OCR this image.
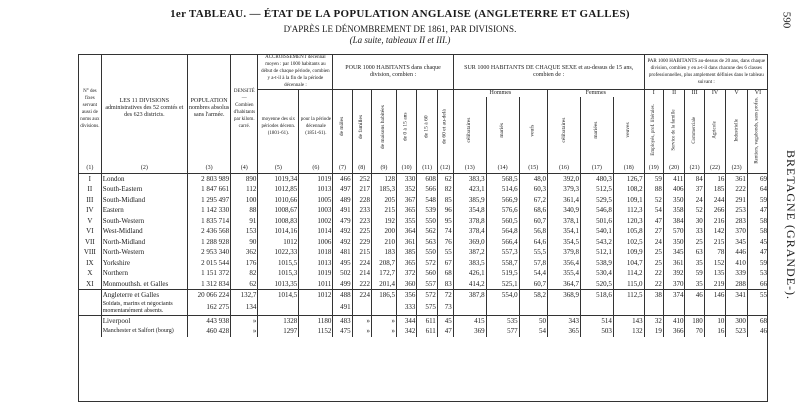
1er TABLEAU. — ÉTAT DE LA POPULATION ANGLAISE (ANGLETERRE ET GALLES)
D'APRÈS LE DÉNOMBREMENT DE 1861, PAR DIVISIONS.
(La suite, tableaux II et III.)
590
BRETAGNE (GRANDE-).
N° des fixes servant aussi de noms aux divisions.	LES 11 DIVISIONS administratives des 52 comtés et des 623 districts.	POPULATION nombres absolus sans l'armée.	DENSITÉ — Combien d'habitants par kilom. carré.	ACCROISSEMENT décennal moyen : par 1000 habitants au début de chaque période, combien y a-t-il à la fin de la période décennale :		POUR 1000 HABITANTS dans chaque division, combien :						SUR 1000 HABITANTS DE CHAQUE SEXE et au-dessus de 15 ans, combien de :						PAR 1000 HABITANTS au-dessus de 20 ans, dans chaque division, combien y en a-t-il dans chacune des 6 classes professionnelles, plus amplement définies dans le tableau suivant :					
				moyenne des six périodes décenn. (1801-61).	pour la période décennale (1851-61).	de mâles	de familles	de maisons habitées	de 0 à 15 ans	de 15 à 60	de 60 et au-delà	Hommes			Femmes			I	II	III	IV	V	VI
												célibataires	mariés	veufs	célibataires	mariées	veuves	Employés, prof. libérales.	Service de la famille	Commerciale	Agricole	Industrielle	Rentiers, vagabonds, sans profes.
(1)	(2)	(3)	(4)	(5)	(6)	(7)	(8)	(9)	(10)	(11)	(12)	(13)	(14)	(15)	(16)	(17)	(18)	(19)	(20)	(21)	(22)	(23)	
I	London	2 803 989	890	1019,34	1019	466	252	128	330	608	62	383,3	568,5	48,0	392,0	480,3	126,7	59	411	84	16	361	69
II	South-Eastern	1 847 661	112	1012,85	1013	497	217	185,3	352	566	82	423,1	514,6	60,3	379,3	512,5	108,2	88	406	37	185	222	64
III	South-Midland	1 295 497	100	1010,66	1005	489	228	205	367	548	85	385,9	566,9	67,2	361,4	529,5	109,1	52	350	24	244	291	59
IV	Eastern	1 142 330	88	1008,67	1003	491	233	215	365	539	96	354,8	576,6	68,6	340,9	546,8	112,3	54	358	52	266	253	47
V	South-Western	1 835 714	91	1008,83	1002	479	223	192	355	550	95	378,8	560,5	60,7	378,1	501,6	120,3	47	384	30	216	283	58
VI	West-Midland	2 436 568	153	1014,16	1014	492	225	200	364	562	74	378,4	564,8	56,8	354,1	540,1	105,8	27	570	33	142	370	58
VII	North-Midland	1 288 928	90	1012	1006	492	229	210	361	563	76	369,0	566,4	64,6	354,5	543,2	102,5	24	350	25	215	345	45
VIII	North-Western	2 953 340	362	1022,33	1018	481	215	183	385	550	55	387,2	557,3	55,5	379,8	512,1	109,9	25	345	63	78	446	47
IX	Yorkshire	2 015 544	176	1015,5	1013	495	224	208,7	365	572	67	383,5	558,7	57,8	356,4	538,9	104,7	25	361	35	152	410	59
X	Northern	1 151 372	82	1015,3	1019	502	214	172,7	372	560	68	426,1	519,5	54,4	355,4	530,4	114,2	22	392	59	135	339	53
XI	Monmouthsh. et Galles	1 312 834	62	1013,35	1011	499	222	201,4	360	557	83	414,2	525,1	60,7	364,7	520,5	115,0	22	370	35	219	288	66
	Angleterre et Galles	20 066 224	132,7	1014,5	1012	488	224	186,5	356	572	72	387,8	554,0	58,2	368,9	518,6	112,5	38	374	46	146	341	55
	Soldats, marins et négociants momentanément absents.	162 275	134			491			333	575	73												
	Liverpool	443 938	»	1328	1180	483	»	»	344	611	45	415	535	50	343	514	143	32	410	180	10	300	68
	Manchester et Salfort (bourg)	460 428	»	1297	1152	475	»	»	342	611	47	369	577	54	365	503	132	19	366	70	16	523	46
